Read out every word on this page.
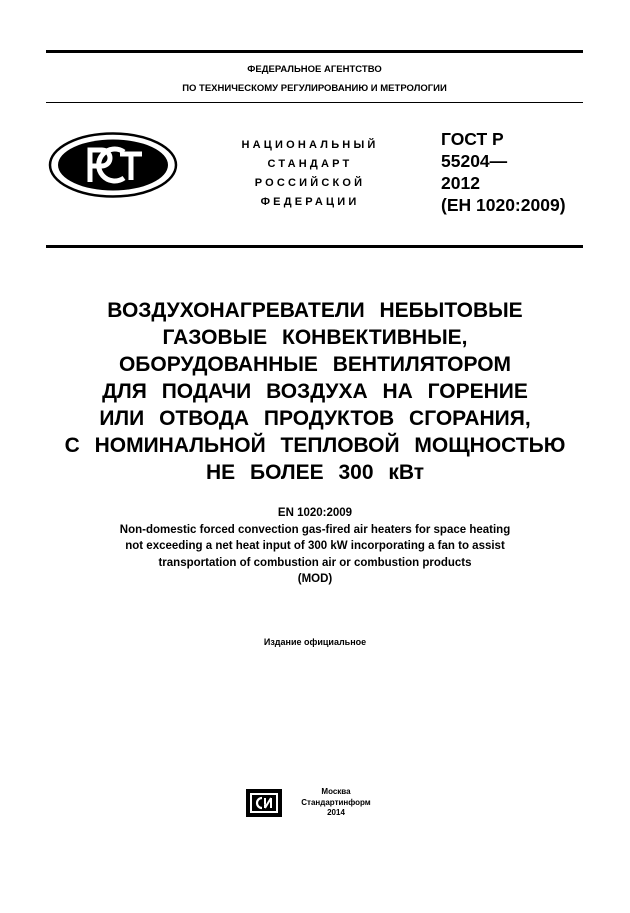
ФЕДЕРАЛЬНОЕ АГЕНТСТВО
ПО ТЕХНИЧЕСКОМУ РЕГУЛИРОВАНИЮ И МЕТРОЛОГИИ
РСТ
НАЦИОНАЛЬНЫЙ
СТАНДАРТ
РОССИЙСКОЙ
ФЕДЕРАЦИИ
ГОСТ Р
55204—
2012
(ЕН 1020:2009)
ВОЗДУХОНАГРЕВАТЕЛИ НЕБЫТОВЫЕ
ГАЗОВЫЕ КОНВЕКТИВНЫЕ,
ОБОРУДОВАННЫЕ ВЕНТИЛЯТОРОМ
ДЛЯ ПОДАЧИ ВОЗДУХА НА ГОРЕНИЕ
ИЛИ ОТВОДА ПРОДУКТОВ СГОРАНИЯ,
С НОМИНАЛЬНОЙ ТЕПЛОВОЙ МОЩНОСТЬЮ
НЕ БОЛЕЕ 300 кВт
EN 1020:2009
Non-domestic forced convection gas-fired air heaters for space heating
not exceeding a net heat input of 300 kW incorporating a fan to assist
transportation of combustion air or combustion products
(MOD)
Издание официальное
СИ
Москва
Стандартинформ
2014
